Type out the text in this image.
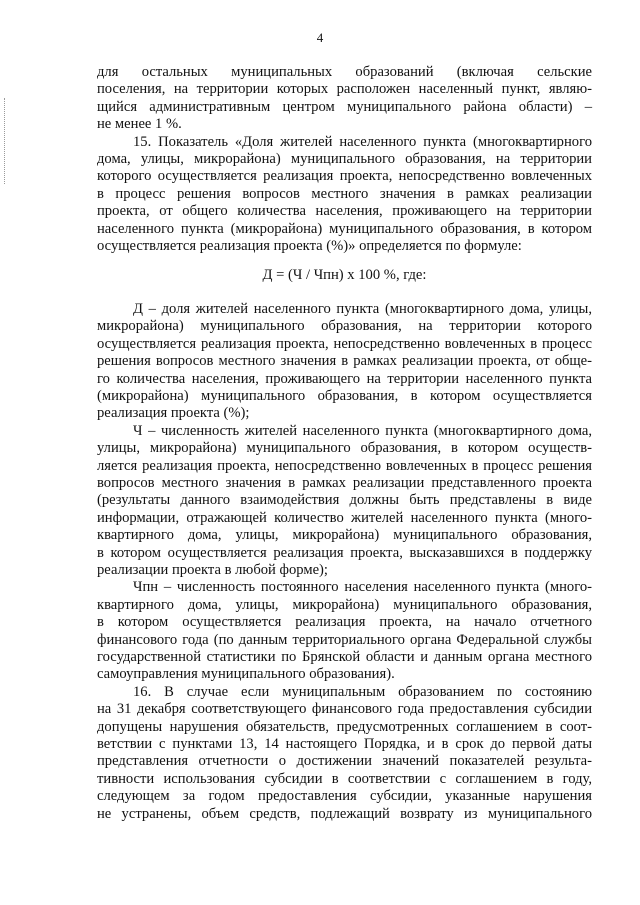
4
для остальных муниципальных образований (включая сельские
поселения, на территории которых расположен населенный пункт, являю-
щийся административным центром муниципального района области) –
не менее 1 %.
15. Показатель «Доля жителей населенного пункта (многоквартирного
дома, улицы, микрорайона) муниципального образования, на территории
которого осуществляется реализация проекта, непосредственно вовлеченных
в процесс решения вопросов местного значения в рамках реализации
проекта, от общего количества населения, проживающего на территории
населенного пункта (микрорайона) муниципального образования, в котором
осуществляется реализация проекта (%)» определяется по формуле:
Д = (Ч / Чпн) х 100 %, где:
Д – доля жителей населенного пункта (многоквартирного дома, улицы,
микрорайона) муниципального образования, на территории которого
осуществляется реализация проекта, непосредственно вовлеченных в процесс
решения вопросов местного значения в рамках реализации проекта, от обще-
го количества населения, проживающего на территории населенного пункта
(микрорайона) муниципального образования, в котором осуществляется
реализация проекта (%);
Ч – численность жителей населенного пункта (многоквартирного дома,
улицы, микрорайона) муниципального образования, в котором осуществ-
ляется реализация проекта, непосредственно вовлеченных в процесс решения
вопросов местного значения в рамках реализации представленного проекта
(результаты данного взаимодействия должны быть представлены в виде
информации, отражающей количество жителей населенного пункта (много-
квартирного дома, улицы, микрорайона) муниципального образования,
в котором осуществляется реализация проекта, высказавшихся в поддержку
реализации проекта в любой форме);
Чпн – численность постоянного населения населенного пункта (много-
квартирного дома, улицы, микрорайона) муниципального образования,
в котором осуществляется реализация проекта, на начало отчетного
финансового года (по данным территориального органа Федеральной службы
государственной статистики по Брянской области и данным органа местного
самоуправления муниципального образования).
16. В случае если муниципальным образованием по состоянию
на 31 декабря соответствующего финансового года предоставления субсидии
допущены нарушения обязательств, предусмотренных соглашением в соот-
ветствии с пунктами 13, 14 настоящего Порядка, и в срок до первой даты
представления отчетности о достижении значений показателей результа-
тивности использования субсидии в соответствии с соглашением в году,
следующем за годом предоставления субсидии, указанные нарушения
не устранены, объем средств, подлежащий возврату из муниципального
